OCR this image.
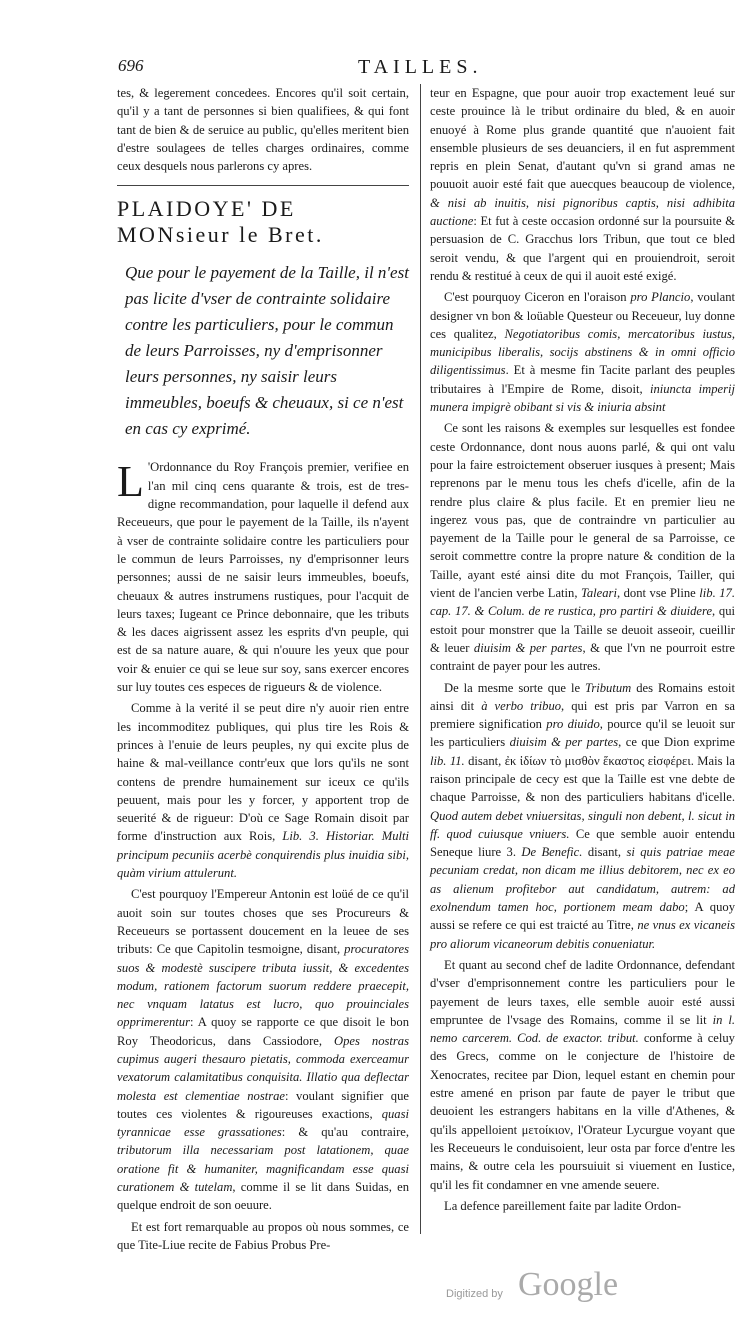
696	TAILLES.

tes, & legerement concedees. Encores qu'il soit certain, qu'il y a tant de personnes si bien qualifiees, & qui font tant de bien & de seruice au public, qu'elles meritent bien d'estre soulagees de telles charges ordinaires, comme ceux desquels nous parlerons cy apres.

PLAIDOYE' DE MONsieur le Bret.
Que pour le payement de la Taille, il n'est pas licite d'vser de contrainte solidaire contre les particuliers, pour le commun de leurs Parroisses, ny d'emprisonner leurs personnes, ny saisir leurs immeubles, boeufs & cheuaux, si ce n'est en cas cy exprimé.

L 'Ordonnance du Roy François premier, verifiee en l'an mil cinq cens quarante & trois, est de tres-digne recommandation, pour laquelle il defend aux Receueurs, que pour le payement de la Taille, ils n'ayent à vser de contrainte solidaire contre les particuliers pour le commun de leurs Parroisses, ny d'emprisonner leurs personnes; aussi de ne saisir leurs immeubles, boeufs, cheuaux & autres instrumens rustiques, pour l'acquit de leurs taxes; Iugeant ce Prince debonnaire, que les tributs & les daces aigrissent assez les esprits d'vn peuple, qui est de sa nature auare, & qui n'ouure les yeux que pour voir & enuier ce qui se leue sur soy, sans exercer encores sur luy toutes ces especes de rigueurs & de violence.

Comme à la verité il se peut dire n'y auoir rien entre les incommoditez publiques, qui plus tire les Rois & princes à l'enuie de leurs peuples, ny qui excite plus de haine & mal-veillance contr'eux que lors qu'ils ne sont contens de prendre humainement sur iceux ce qu'ils peuuent, mais pour les y forcer, y apportent trop de seuerité & de rigueur: D'où ce Sage Romain disoit par forme d'instruction aux Rois, Lib. 3. Historiar. Multi principum pecuniis acerbè conquirendis plus inuidia sibi, quàm virium attulerunt.

C'est pourquoy l'Empereur Antonin est loüé de ce qu'il auoit soin sur toutes choses que ses Procureurs & Receueurs se portassent doucement en la leuee de ses tributs: Ce que Capitolin tesmoigne, disant, procuratores suos & modestè suscipere tributa iussit, & excedentes modum, rationem factorum suorum reddere praecepit, nec vnquam latatus est lucro, quo prouinciales opprimerentur: A quoy se rapporte ce que disoit le bon Roy Theodoricus, dans Cassiodore, Opes nostras cupimus augeri thesauro pietatis, commoda exerceamur vexatorum calamitatibus conquisita. Illatio qua deflectar molesta est clementiae nostrae: voulant signifier que toutes ces violentes & rigoureuses exactions, quasi tyrannicae esse grassationes: & qu'au contraire, tributorum illa necessariam post latationem, quae oratione fit & humaniter, magnificandam esse quasi curationem & tutelam, comme il se lit dans Suidas, en quelque endroit de son oeuure.

Et est fort remarquable au propos où nous sommes, ce que Tite-Liue recite de Fabius Probus Pre-

teur en Espagne, que pour auoir trop exactement leué sur ceste prouince là le tribut ordinaire du bled, & en auoir enuoyé à Rome plus grande quantité que n'auoient fait ensemble plusieurs de ses deuanciers, il en fut aspremment repris en plein Senat, d'autant qu'vn si grand amas ne pouuoit auoir esté fait que auecques beaucoup de violence, & nisi ab inuitis, nisi pignoribus captis, nisi adhibita auctione: Et fut à ceste occasion ordonné sur la poursuite & persuasion de C. Gracchus lors Tribun, que tout ce bled seroit vendu, & que l'argent qui en prouiendroit, seroit rendu & restitué à ceux de qui il auoit esté exigé.

C'est pourquoy Ciceron en l'oraison pro Plancio, voulant designer vn bon & loüable Questeur ou Receueur, luy donne ces qualitez, Negotiatoribus comis, mercatoribus iustus, municipibus liberalis, socijs abstinens & in omni officio diligentissimus. Et à mesme fin Tacite parlant des peuples tributaires à l'Empire de Rome, disoit, iniuncta imperij munera impigrè obibant si vis & iniuria absint

Ce sont les raisons & exemples sur lesquelles est fondee ceste Ordonnance, dont nous auons parlé, & qui ont valu pour la faire estroictement obseruer iusques à present; Mais reprenons par le menu tous les chefs d'icelle, afin de la rendre plus claire & plus facile. Et en premier lieu ne ingerez vous pas, que de contraindre vn particulier au payement de la Taille pour le general de sa Parroisse, ce seroit commettre contre la propre nature & condition de la Taille, ayant esté ainsi dite du mot François, Tailler, qui vient de l'ancien verbe Latin, Taleari, dont vse Pline lib. 17. cap. 17. & Colum. de re rustica, pro partiri & diuidere, qui estoit pour monstrer que la Taille se deuoit asseoir, cueillir & leuer diuisim & per partes, & que l'vn ne pourroit estre contraint de payer pour les autres.

De la mesme sorte que le Tributum des Romains estoit ainsi dit à verbo tribuo, qui est pris par Varron en sa premiere signification pro diuido, pource qu'il se leuoit sur les particuliers diuisim & per partes, ce que Dion exprime lib. 11. disant, ἐκ ἰδίων τὸ μισθὸν ἕκαστος εἰσφέρει. Mais la raison principale de cecy est que la Taille est vne debte de chaque Parroisse, & non des particuliers habitans d'icelle. Quod autem debet vniuersitas, singuli non debent, l. sicut in ff. quod cuiusque vniuers. Ce que semble auoir entendu Seneque liure 3. De Benefic. disant, si quis patriae meae pecuniam credat, non dicam me illius debitorem, nec ex eo as alienum profitebor aut candidatum, autrem: ad exolnendum tamen hoc, portionem meam dabo; A quoy aussi se refere ce qui est traicté au Titre, ne vnus ex vicaneis pro aliorum vicaneorum debitis conueniatur.

Et quant au second chef de ladite Ordonnance, defendant d'vser d'emprisonnement contre les particuliers pour le payement de leurs taxes, elle semble auoir esté aussi empruntee de l'vsage des Romains, comme il se lit in l. nemo carcerem. Cod. de exactor. tribut. conforme à celuy des Grecs, comme on le conjecture de l'histoire de Xenocrates, recitee par Dion, lequel estant en chemin pour estre amené en prison par faute de payer le tribut que deuoient les estrangers habitans en la ville d'Athenes, & qu'ils appelloient μετοίκιον, l'Orateur Lycurgue voyant que les Receueurs le conduisoient, leur osta par force d'entre les mains, & outre cela les poursuiuit si viuement en Iustice, qu'il les fit condamner en vne amende seuere.

La defence pareillement faite par ladite Ordon-

Digitized by Google
